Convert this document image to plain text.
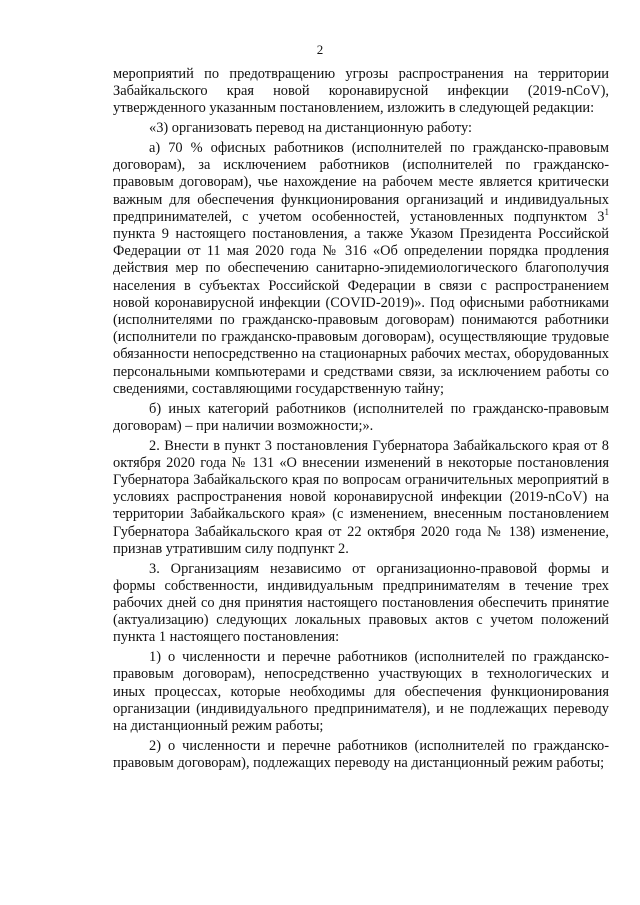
2

мероприятий по предотвращению угрозы распространения на территории Забайкальского края новой коронавирусной инфекции (2019-nCoV), утвержденного указанным постановлением, изложить в следующей редакции:

«3) организовать перевод на дистанционную работу:

а) 70 % офисных работников (исполнителей по гражданско-правовым договорам), за исключением работников (исполнителей по гражданско-правовым договорам), чье нахождение на рабочем месте является критически важным для обеспечения функционирования организаций и индивидуальных предпринимателей, с учетом особенностей, установленных подпунктом $3^1$ пункта 9 настоящего постановления, а также Указом Президента Российской Федерации от 11 мая 2020 года № 316 «Об определении порядка продления действия мер по обеспечению санитарно-эпидемиологического благополучия населения в субъектах Российской Федерации в связи с распространением новой коронавирусной инфекции (COVID-2019)». Под офисными работниками (исполнителями по гражданско-правовым договорам) понимаются работники (исполнители по гражданско-правовым договорам), осуществляющие трудовые обязанности непосредственно на стационарных рабочих местах, оборудованных персональными компьютерами и средствами связи, за исключением работы со сведениями, составляющими государственную тайну;

б) иных категорий работников (исполнителей по гражданско-правовым договорам) – при наличии возможности;».

2. Внести в пункт 3 постановления Губернатора Забайкальского края от 8 октября 2020 года № 131 «О внесении изменений в некоторые постановления Губернатора Забайкальского края по вопросам ограничительных мероприятий в условиях распространения новой коронавирусной инфекции (2019-nCoV) на территории Забайкальского края» (с изменением, внесенным постановлением Губернатора Забайкальского края от 22 октября 2020 года № 138) изменение, признав утратившим силу подпункт 2.

3. Организациям независимо от организационно-правовой формы и формы собственности, индивидуальным предпринимателям в течение трех рабочих дней со дня принятия настоящего постановления обеспечить принятие (актуализацию) следующих локальных правовых актов с учетом положений пункта 1 настоящего постановления:

1) о численности и перечне работников (исполнителей по гражданско-правовым договорам), непосредственно участвующих в технологических и иных процессах, которые необходимы для обеспечения функционирования организации (индивидуального предпринимателя), и не подлежащих переводу на дистанционный режим работы;

2) о численности и перечне работников (исполнителей по гражданско-правовым договорам), подлежащих переводу на дистанционный режим работы;
